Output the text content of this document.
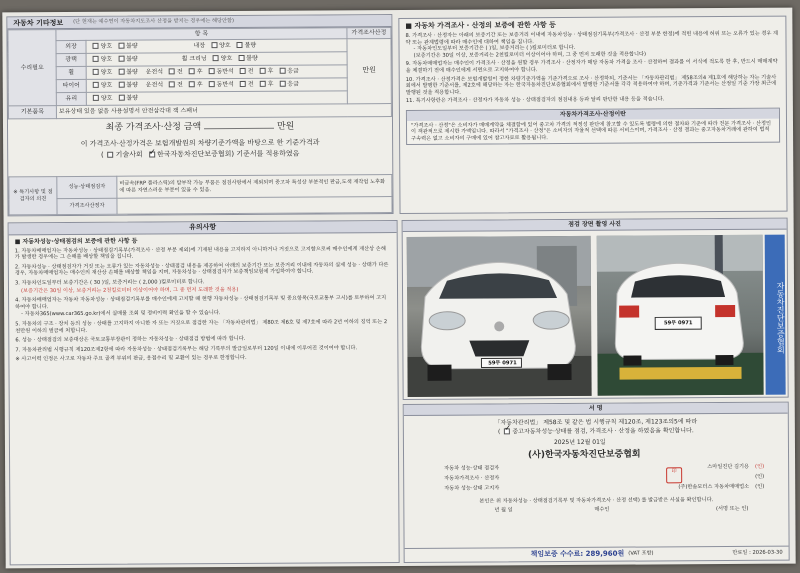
자동차 기타정보 (단 현재는 예수연이 자동차지도조사 산정을 받지는 경우에는 해당안함)
수리필요	항 목		가격조사산정
	외장	양호 불량 내장 양호 불량	만원
	광택	양호 불량 휠 크리닝 양호 불량	
	휠	양호 불량 운전석 전 후 동반석 전 후 응급	
	타이어	양호 불량 운전석 전 후 동반석 전 후 응급	
	유리	양호 불량	
기본품목	보유상태 있음 없음 사용설명서 안전삼각대 잭 스패너		
최종 가격조사·산정 금액	만원
이 가격조사·산정가격은 보험개발원의 차량기준가액을 바탕으로 한 기준가격과
( 기술사회 ✓ 한국자동차진단보증협회) 기준서를 적용하였음
※ 특기사항 및 점검자의 의견	성능·상태점검자	비금속(FRP 플라스틱)의 탈부착 가능 부품은 점검사항에서 제외되며 중고차 특성상 부분적인 판금,도색 재작업 노후화에 따른 자연스러운 부분이 있을 수 있음.
	가격조사산정자	
■ 자동차 가격조사 · 산정의 보증에 관한 사항 등
8. 가격조사 · 산정자는 아래의 보증기간 또는 보증거리 이내에 자동차성능 · 상태점검기록부(가격조사 · 산정 부분 한정)에 적힌 내용에 허위 또는 오류가 있는 경우 계약 또는 관계법령에 따라 매수인에 대하여 책임을 집니다.
- 자동차인도일부터 보증기간은 ( )일, 보증거리는 ( )킬로미터로 합니다.
(보증기간은 30일 이상, 보증거리는 2천킬로미터 이상이어야 하며, 그 중 먼저 도래한 것을 적용합니다)
9. 자동차매매업자는 매수인이 가격조사 · 산정을 원할 경우 가격조사 · 산정자가 해당 자동차 가격을 조사 · 산정하여 결과를 이 서식에 적도록 한 후, 반드시 매매계약을 체결하기 전에 매수인에게 서면으로 고지하여야 합니다.
10. 가격조사 · 산정가격은 보험개발원이 정한 차량기준가액을 기준가격으로 조사 · 산정하되, 기준서는 「자동차관리법」 제58조의4 제1호에 해당하는 자는 기술사회에서 발행한 기준서를, 제2호에 해당하는 자는 한국자동차진단보증협회에서 발행한 기준서를 각각 적용하여야 하며, 기준가격과 기준서는 산정일 기준 가장 최근에 발행된 것을 적용합니다.
11. 특기사항란은 가격조사 · 산정자가 자동차 성능 · 상태점검자의 점검내용 등과 달리 판단한 내용 등을 적습니다.
자동차가격조사·산정이란
"가격조사 · 산정"은 소비자가 매매계약을 체결함에 있어 중고차 가격의 적정성 판단에 참고할 수 있도록 법령에 의한 절차와 기준에 따라 전문 가격조사 · 산정인이 객관적으로 제시한 가액입니다. 따라서 "가격조사 · 산정"은 소비자의 자율적 선택에 따른 서비스이며, 가격조사 · 산정 결과는 중고자동차거래에 관하여 법적 구속력은 없고 소비자의 구매에 있어 참고자료로 활용됩니다.
유의사항
■ 자동차성능·상태점검의 보증에 관한 사항 등
1. 자동차매매업자는 자동차성능 · 상태점검기록부(가격조사 · 산정 부분 제외)에 기재된 내용을 고지하지 아니하거나 거짓으로 고지함으로써 매수인에게 재산상 손해가 발생한 경우에는 그 손해를 배상할 책임을 집니다.
2. 자동차성능 · 상태점검자가 거짓 또는 오류가 있는 자동차성능 · 상태점검 내용을 제공하여 아래의 보증기간 또는 보증거리 이내에 자동차의 실제 성능 · 상태가 다른 경우, 자동차매매업자는 매수인의 재산상 손해를 배상할 책임을 지며, 자동차성능 · 상태점검자가 보증책임보험에 가입하여야 합니다.
3. 자동차인도일부터 보증기간은 ( 30 )일, 보증거리는 ( 2,000 )킬로미터로 합니다.
(보증기간은 30일 이상, 보증거리는 2천킬로미터 이상이어야 하며, 그 중 먼저 도래한 것을 적용)
4. 자동차매매업자는 자동차 자동차성능 · 상태점검기록부를 매수인에게 고지할 때 현행 자동차성능 · 상태점검기록부 및 중요항목(국토교통부 고시)를 토부하여 고지하여야 합니다.
- 자동차365(www.car365.go.kr)에서 실매물 조회 및 정비이력 확인을 할 수 있습니다.
5. 자동차의 구조 · 장치 등의 성능 · 상태를 고지하지 아니한 자 또는 거짓으로 점검한 자는 「자동차관리법」 제80조 제6호 및 제7호에 따라 2년 이하의 징역 또는 2천만원 이하의 벌금에 처합니다.
6. 성능 · 상태점검의 보증대상은 국토교통부장관이 정하는 자동차성능 · 상태점검 방법에 따라 합니다.
7. 자동차관리법 시행규칙 제120조제2항에 따라 자동차성능 · 상태점검기록부는 해당 기록부의 발급일로부터 120일 이내에 이루어진 것이어야 합니다.
※ 사고이력 인정은 사고로 자동차 주요 골격 부위의 판금, 용접수리 및 교환이 있는 경우로 한정합니다.
점검 장면 촬영 사진
59무 0971
59무 0971	자동차진단보증협회
서 명
「자동차관리법」 제58조 및 같은 법 시행규칙 제120조, 제123조의5에 따라
( ✓ 중고자동차성능·상태를 점검, 가격조사 · 산정을 하였음을 확인합니다.
2025년 12월 01일
(사)한국자동차진단보증협회
印
자동차 성능·상태 점검자	스마일진단 김기용	(인)
자동차가격조사 · 산정자	(인)
자동차 성능·상태 고지자	(주)한솔모터스 자동차매매업소	(인)
본인은 위 자동차성능 · 상태점검기록부 및 자동차가격조사 · 산정 선택) 를 발급받은 사실을 확인합니다.
년 월 일	매수인	(서명 또는 인)
책임보증 수수료: 289,960원 (VAT 포함)	만료일 : 2026-03-30
